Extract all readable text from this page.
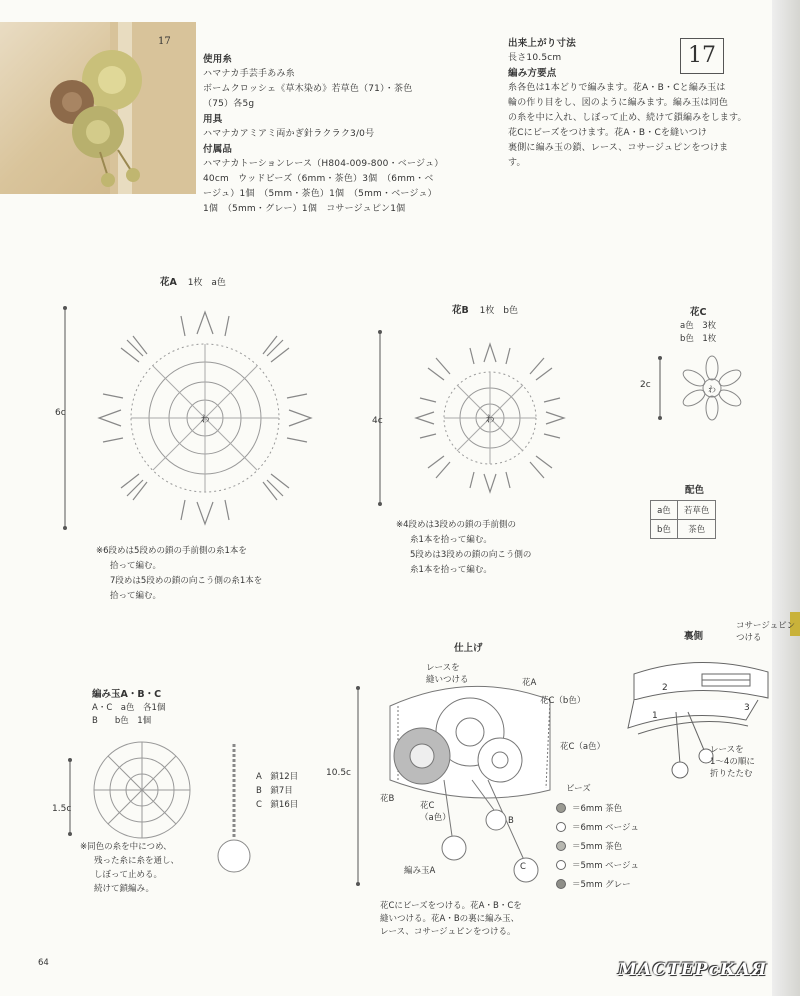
17
使用糸
ハマナカ手芸手あみ糸
ボームクロッシェ《草木染め》若草色（71）・茶色
（75）各5g
用具
ハマナカアミアミ両かぎ針ラクラク3/0号
付属品
ハマナカトーションレース（H804-009-800・ベージュ）
40cm　ウッドビーズ（6mm・茶色）3個　（6mm・ベ
ージュ）1個　（5mm・茶色）1個　（5mm・ベージュ）
1個　（5mm・グレー）1個　コサージュピン1個
出来上がり寸法
長さ10.5cm
編み方要点
糸各色は1本どりで編みます。花A・B・Cと編み玉は
輪の作り目をし、図のように編みます。編み玉は同色
の糸を中に入れ、しぼって止め、続けて鎖編みをします。
花Cにビーズをつけます。花A・B・Cを縫いつけ
裏側に編み玉の鎖、レース、コサージュピンをつけま
す。
17
花A 1枚 a色
わ
6c
※6段めは5段めの鎖の手前側の糸1本を
拾って編む。
7段めは5段めの鎖の向こう側の糸1本を
拾って編む。
花B 1枚 b色
わ
4c
※4段めは3段めの鎖の手前側の
糸1本を拾って編む。
5段めは3段めの鎖の向こう側の
糸1本を拾って編む。
花C
a色　3枚
b色　1枚
わ
2c
配色
a色	若草色
b色	茶色
編み玉A・B・C
A・C　a色　各1個
B　　b色　1個
1.5c
※同色の糸を中につめ、
残った糸に糸を通し、
しぼって止める。
続けて鎖編み。
A　鎖12目
B　鎖7目
C　鎖16目
仕上げ
10.5c
レースを
縫いつける	花A
花C（b色）
花C（a色）
花B
花C
（a色）	B
編み玉A	C
花Cにビーズをつける。花A・B・Cを
縫いつける。花A・Bの裏に編み玉、
レース、コサージュピンをつける。
ビーズ
＝6mm 茶色
＝6mm ベージュ
＝5mm 茶色
＝5mm ベージュ
＝5mm グレー
裏側
コサージュピン
つける
2
1
3
レースを
1〜4の順に
折りたたむ
64	МАСТЕРсКАЯ
